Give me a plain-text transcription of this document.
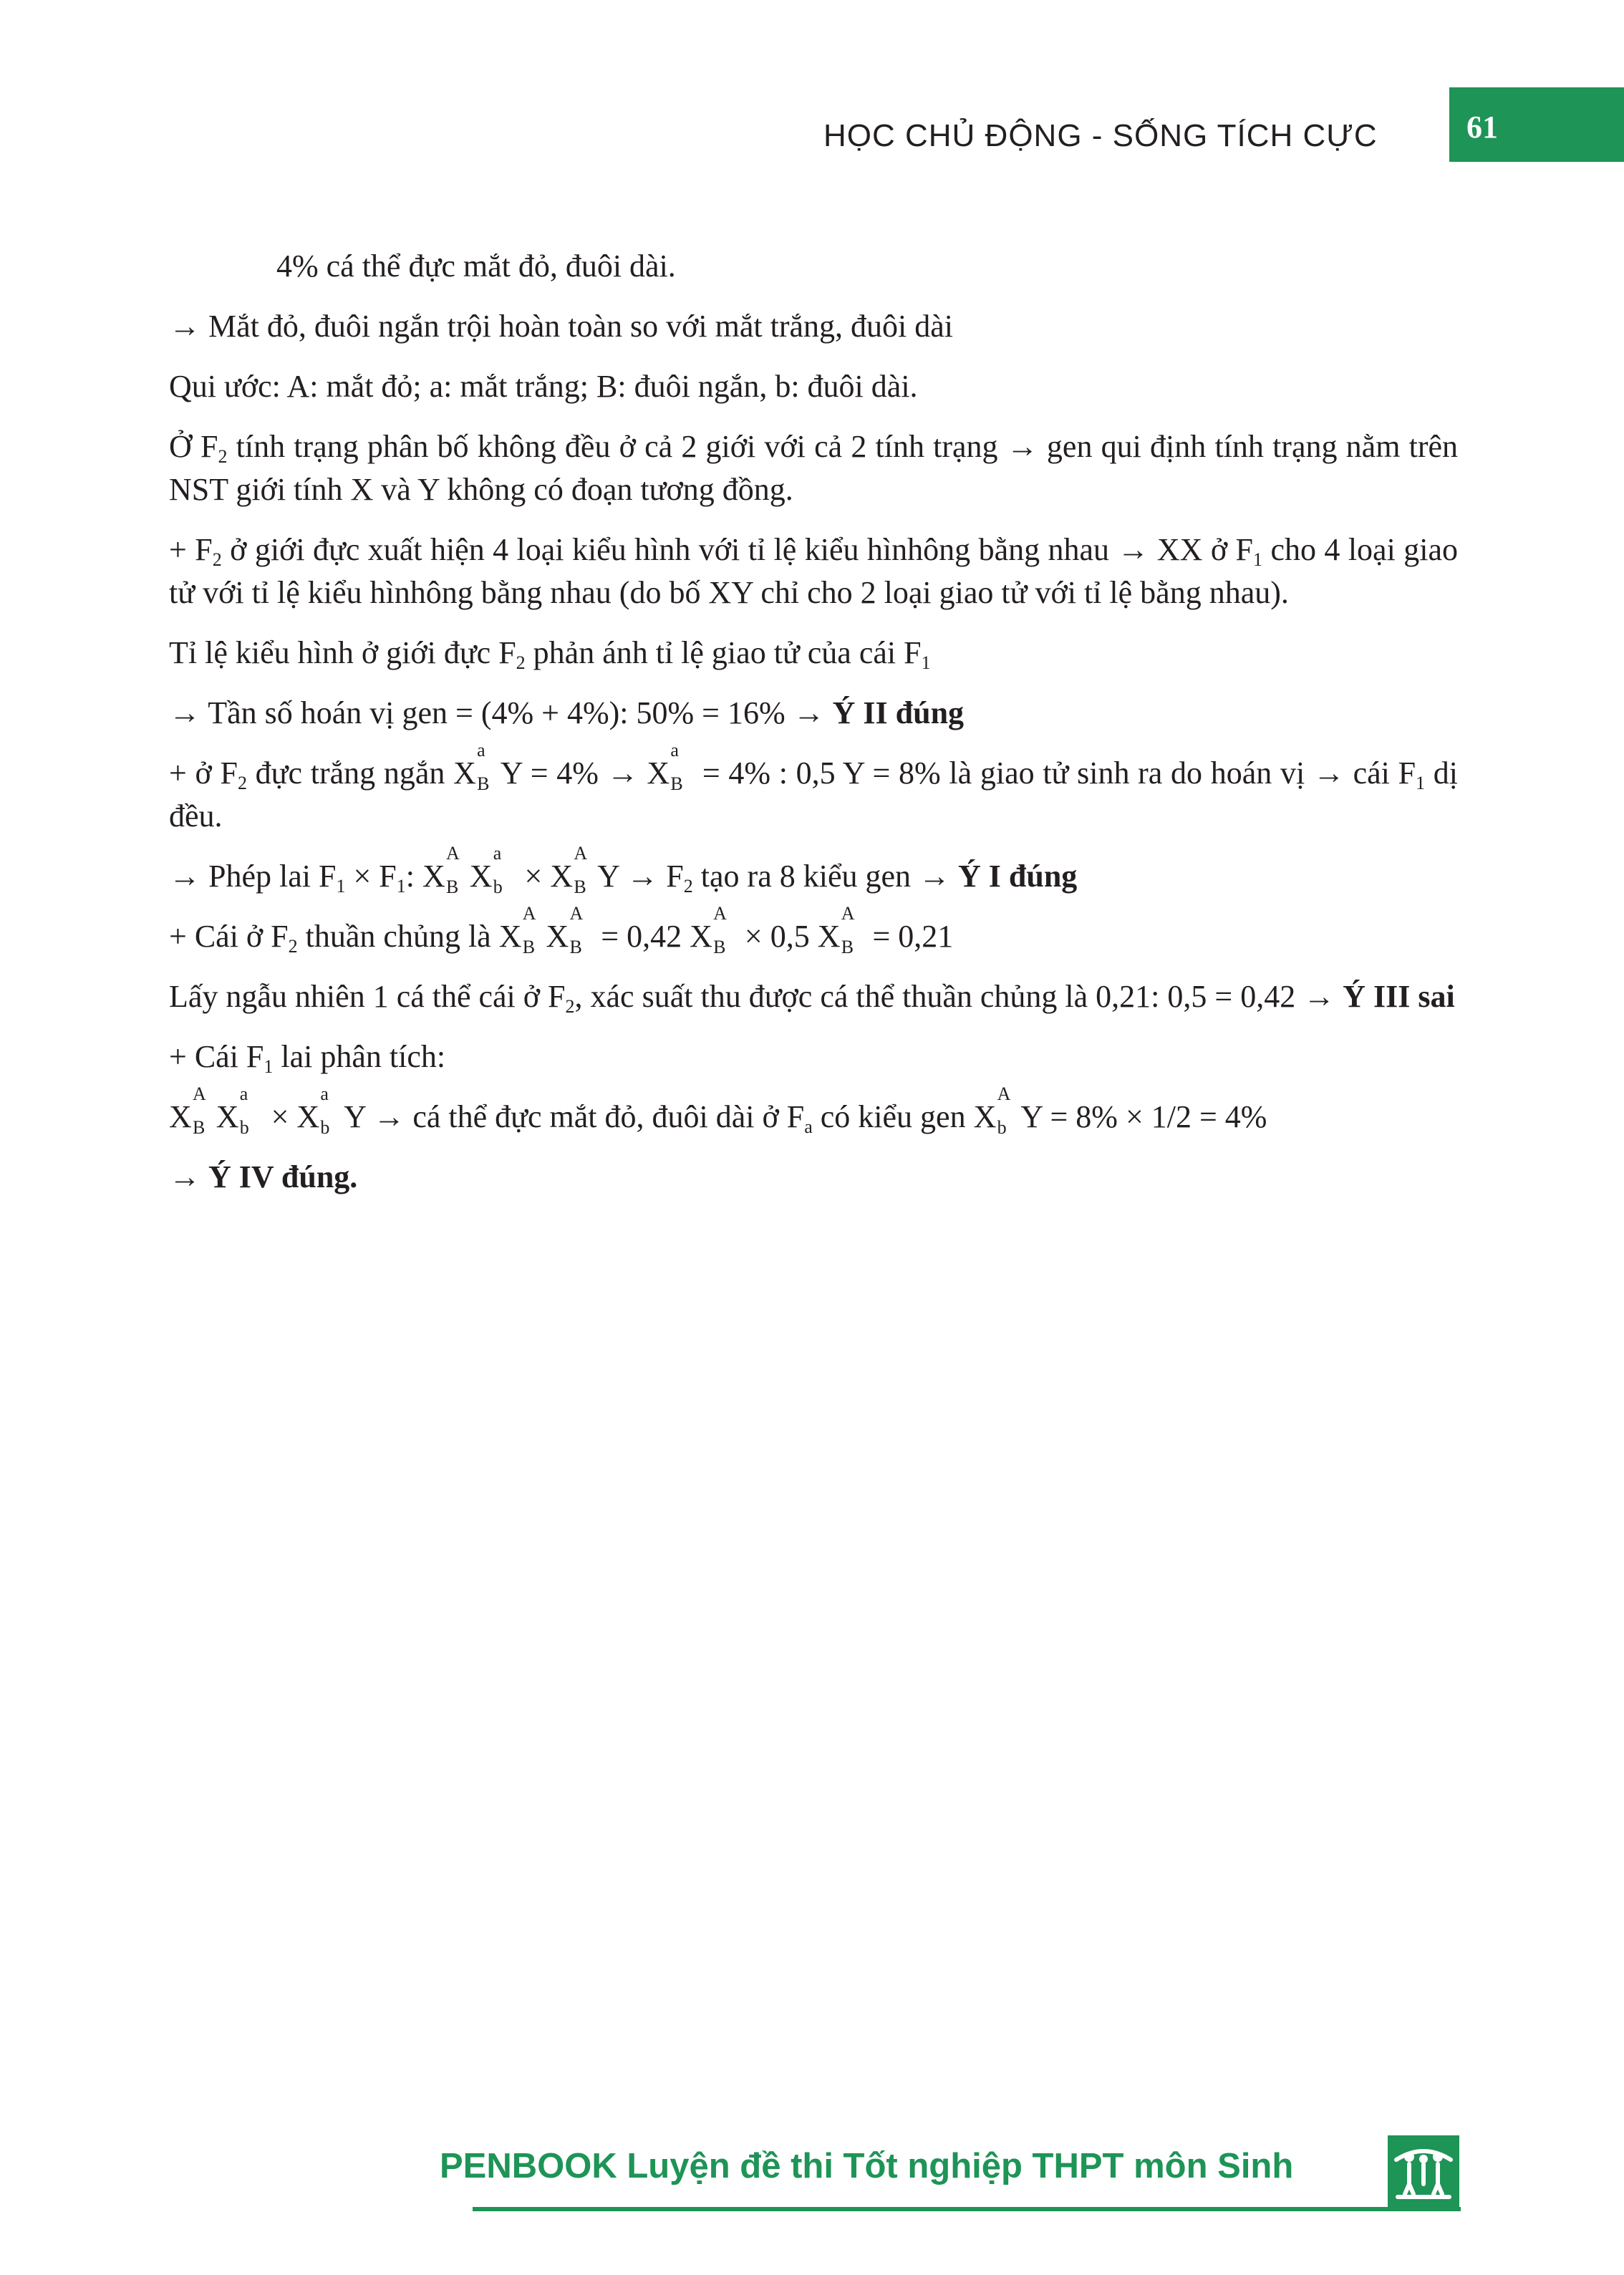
HỌC CHỦ ĐỘNG - SỐNG TÍCH CỰC	61

4% cá thể đực mắt đỏ, đuôi dài.

→ Mắt đỏ, đuôi ngắn trội hoàn toàn so với mắt trắng, đuôi dài

Qui ước: A: mắt đỏ; a: mắt trắng; B: đuôi ngắn, b: đuôi dài.

Ở $F_2$ tính trạng phân bố không đều ở cả 2 giới với cả 2 tính trạng → gen qui định tính trạng nằm trên NST giới tính X và Y không có đoạn tương đồng.

+ $F_2$ ở giới đực xuất hiện 4 loại kiểu hình với tỉ lệ kiểu hìnhông bằng nhau → XX ở $F_1$ cho 4 loại giao tử với tỉ lệ kiểu hìnhông bằng nhau (do bố XY chỉ cho 2 loại giao tử với tỉ lệ bằng nhau).

Tỉ lệ kiểu hình ở giới đực $F_2$ phản ánh tỉ lệ giao tử của cái $F_1$

→ Tần số hoán vị gen = (4% + 4%): 50% = 16% → Ý II đúng

+ ở $F_2$ đực trắng ngắn X
a
B Y = 4% → X
a
B = 4% : 0,5 Y = 8% là giao tử sinh ra do hoán vị → cái $F_1$ dị đều.

→ Phép lai $F_1 \times F_1$: X
A
B X
a
b × X
A
B $Y \to F_2$ tạo ra 8 kiểu gen → Ý I đúng

+ Cái ở $F_2$ thuần chủng là X
A
B X
A
B = 0,42 X
A
B × 0,5 X
A
B = 0,21

Lấy ngẫu nhiên 1 cá thể cái ở $F_2$, xác suất thu được cá thể thuần chủng là 0,21: 0,5 = 0,42 → Ý III sai

+ Cái $F_1$ lai phân tích:

X
A
B X
a
b × X
a
b Y → cá thể đực mắt đỏ, đuôi dài ở $F_a$ có kiểu gen X
A
b Y = 8% × 1/2 = 4%

→ Ý IV đúng.

PENBOOK Luyện đề thi Tốt nghiệp THPT môn Sinh
